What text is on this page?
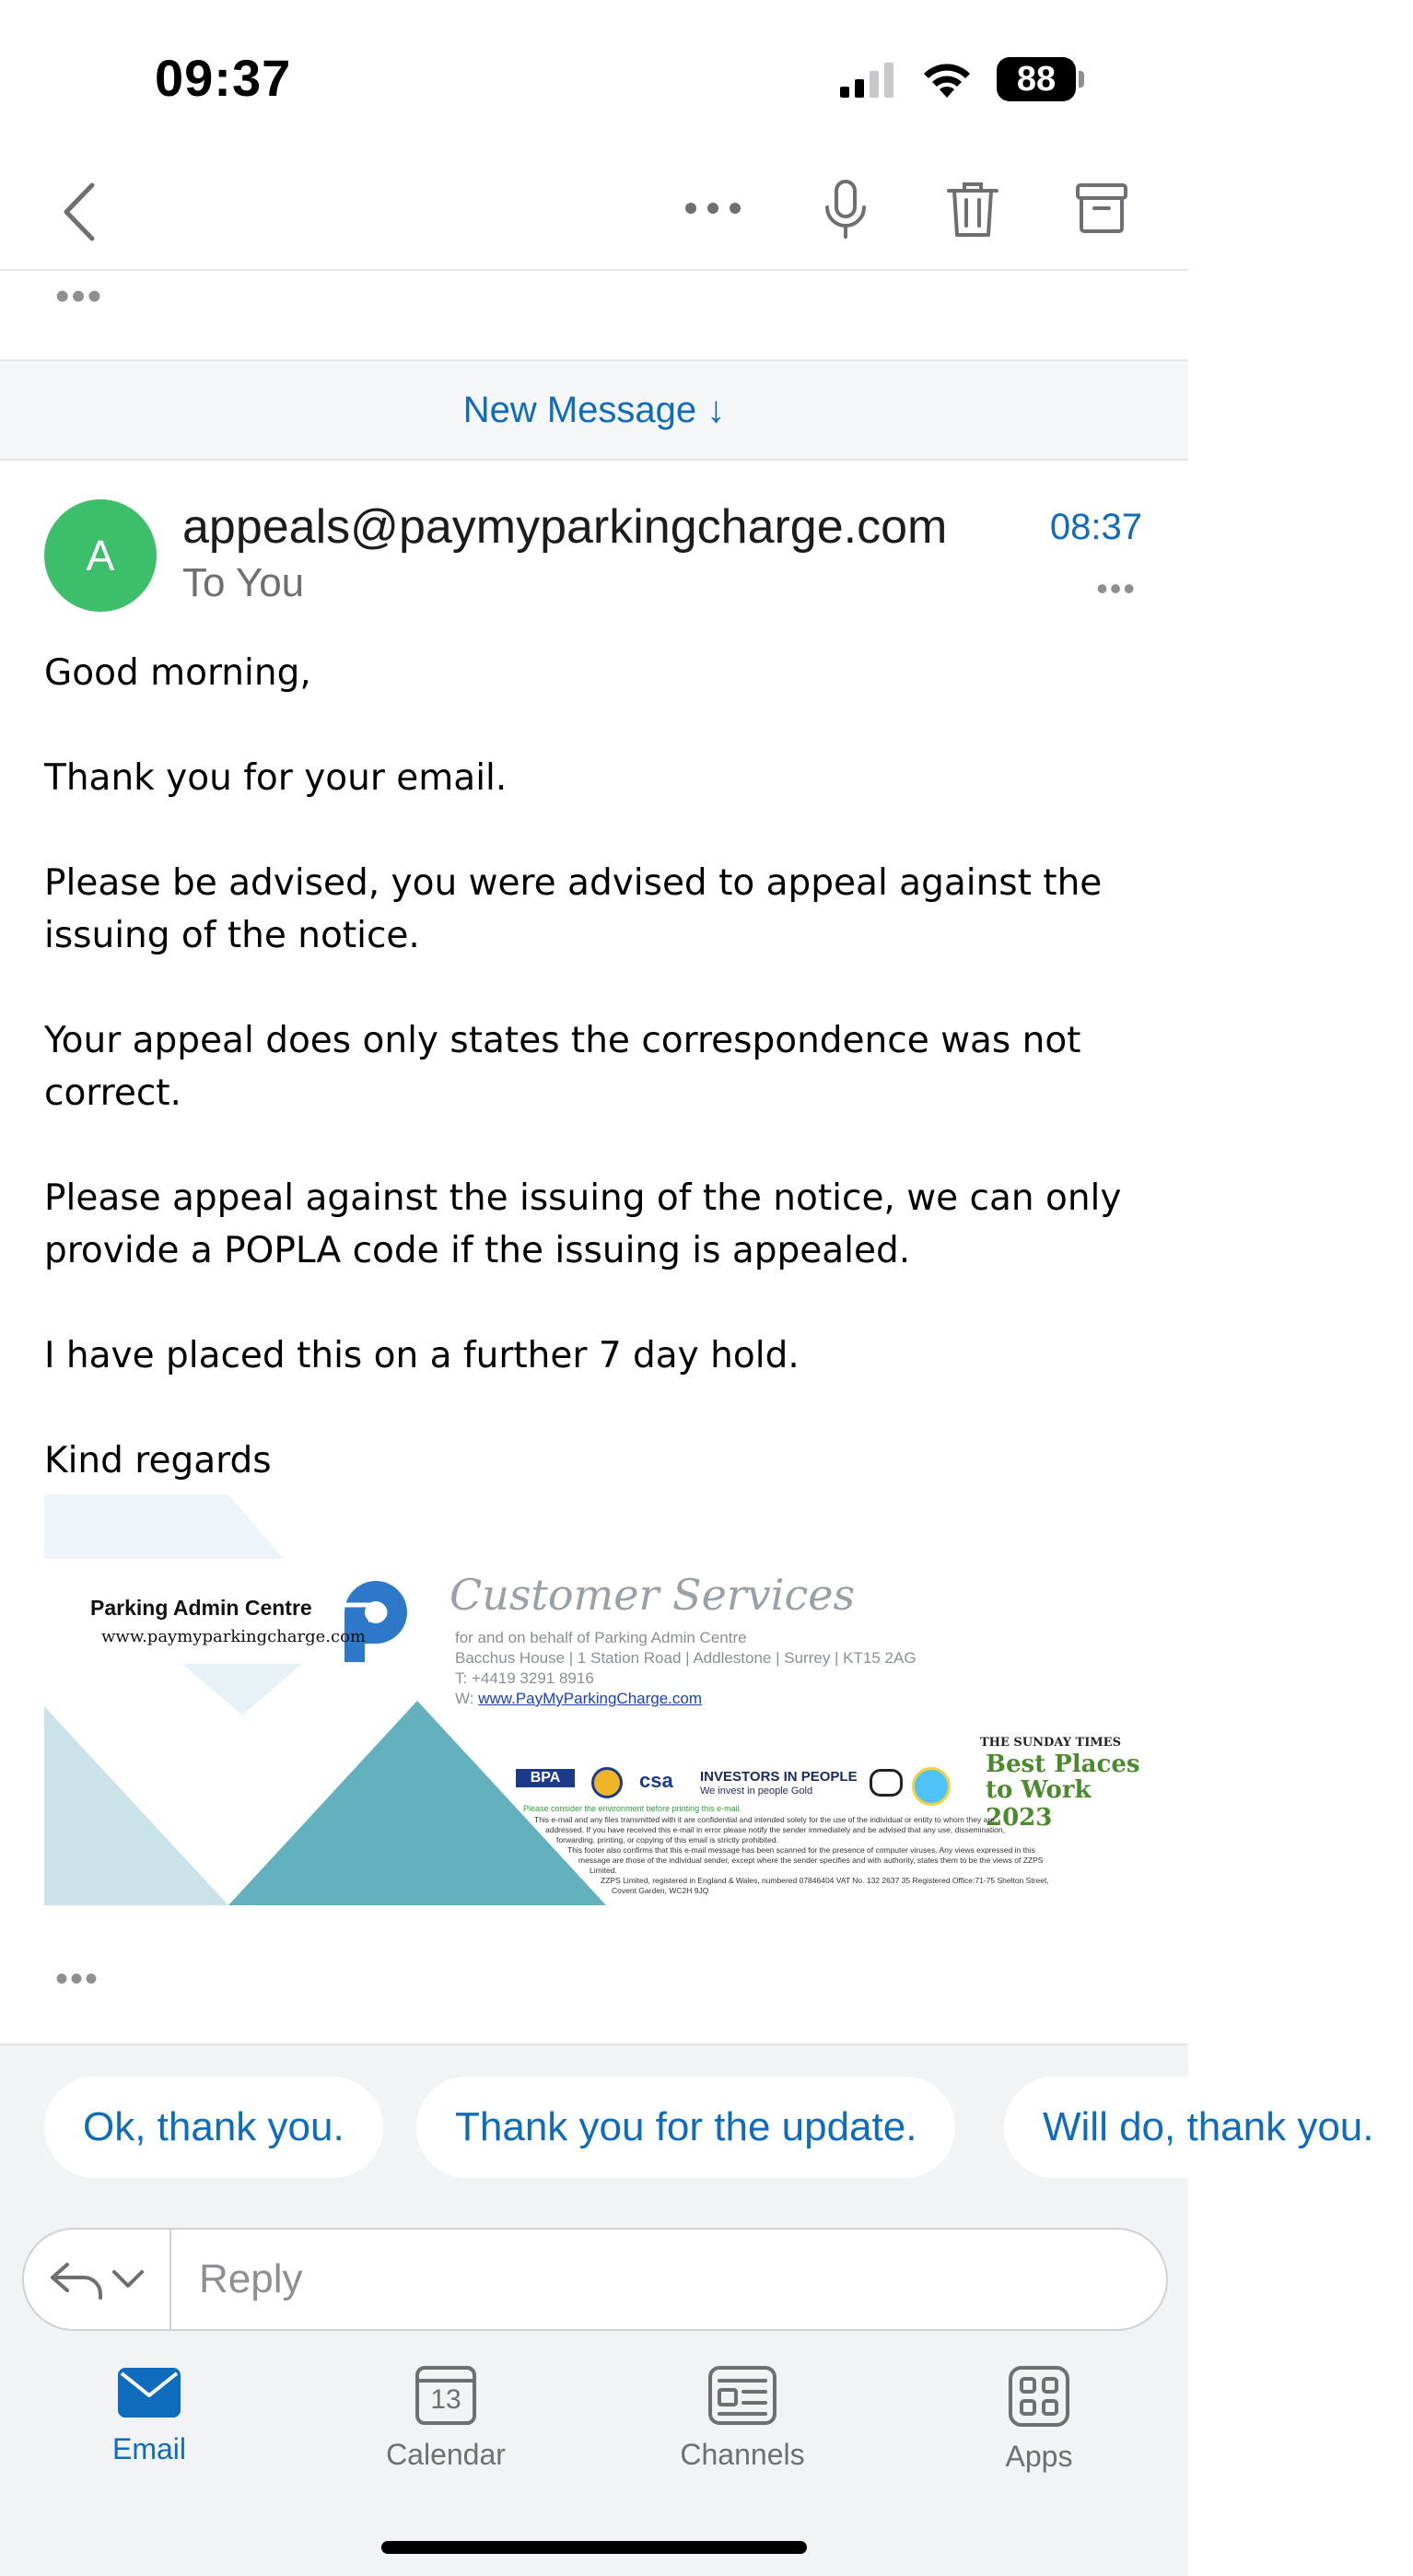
09:37	88
•••
New Message ↓
A
appeals@paymyparkingcharge.com
To You
08:37
•••

Good morning,

Thank you for your email.

Please be advised, you were advised to appeal against the issuing of the notice.

Your appeal does only states the correspondence was not correct.

Please appeal against the issuing of the notice, we can only provide a POPLA code if the issuing is appealed.

I have placed this on a further 7 day hold.

Kind regards

Parking Admin Centre
www.paymyparkingcharge.com
Customer Services
for and on behalf of Parking Admin Centre
Bacchus House | 1 Station Road | Addlestone | Surrey | KT15 2AG
T: +4419 3291 8916
W: www.PayMyParkingCharge.com
BPA	csa INVESTORS IN PEOPLE
We invest in people Gold
THE SUNDAY TIMES
Best Places
to Work 2023
Please consider the environment before printing this e-mail.
This e-mail and any files transmitted with it are confidential and intended solely for the use of the individual or entity to whom they are
addressed. If you have received this e-mail in error please notify the sender immediately and be advised that any use, dissemination,
forwarding, printing, or copying of this email is strictly prohibited.
This footer also confirms that this e-mail message has been scanned for the presence of computer viruses. Any views expressed in this
message are those of the individual sender, except where the sender specifies and with authority, states them to be the views of ZZPS
Limited.
ZZPS Limited, registered in England & Wales, numbered 07846404 VAT No. 132 2637 35 Registered Office:71-75 Shelton Street,
Covent Garden, WC2H 9JQ
•••
Ok, thank you.	Thank you for the update.	Will do, thank you.
Reply
Email
13
Calendar	Channels	Apps
